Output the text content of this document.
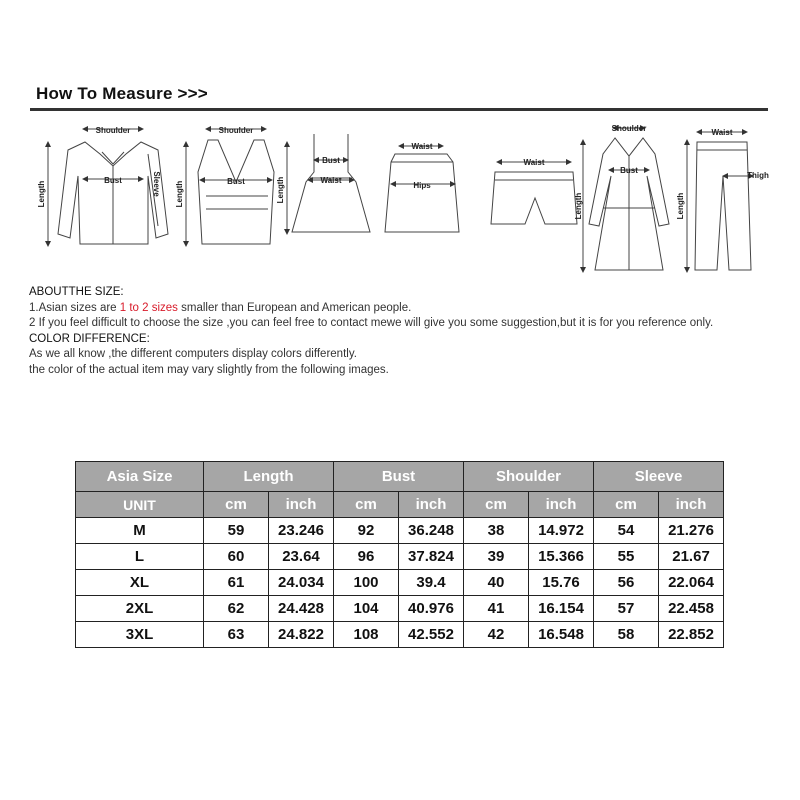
How To Measure >>>
Shoulder
Bust
Length	Sleeve
Shoulder
Bust
Length
Bust
Waist
Length
Waist
Hips
Waist
Shoulder
Bust
Length
Waist
Thigh
Length
ABOUTTHE SIZE:
1.Asian sizes are 1 to 2 sizes smaller than European and American people.
2 If you feel difficult to choose the size ,you can feel free to contact mewe will give you some suggestion,but it is for you reference only.
COLOR DIFFERENCE:
As we all know ,the different computers display colors differently.
the color of the actual item may vary slightly from the following images.
Asia Size	Length		Bust		Shoulder		Sleeve	
UNIT	cm	inch	cm	inch	cm	inch	cm	inch
M	59	23.246	92	36.248	38	14.972	54	21.276
L	60	23.64	96	37.824	39	15.366	55	21.67
XL	61	24.034	100	39.4	40	15.76	56	22.064
2XL	62	24.428	104	40.976	41	16.154	57	22.458
3XL	63	24.822	108	42.552	42	16.548	58	22.852
